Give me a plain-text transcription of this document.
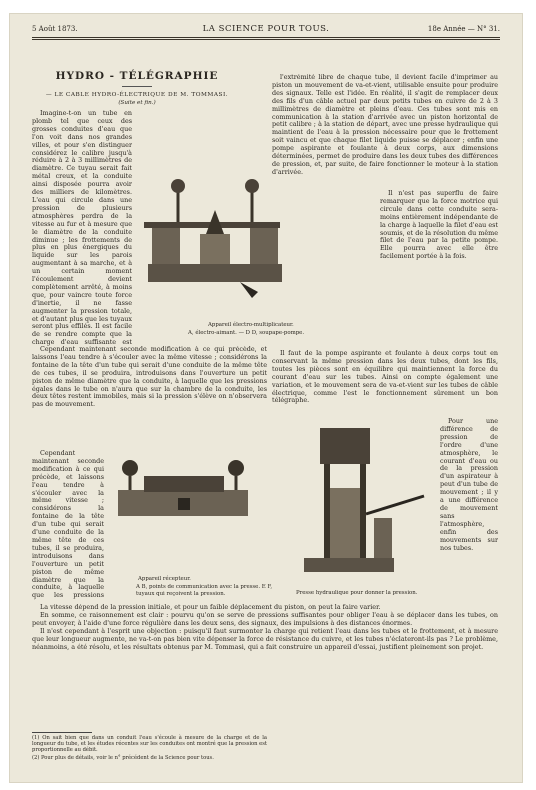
5 Août 1873.	LA SCIENCE POUR TOUS.	18e Année — N° 31.
HYDRO - TÉLÉGRAPHIE
— LE CABLE HYDRO-ÉLECTRIQUE DE M. TOMMASI.
(Suite et fin.)
Appareil électro-multiplicateur.
A, électro-aimant. — D D, soupape-pompe.
Appareil récepteur.
A B, points de communication avec la presse. E F, tuyaux qui reçoivent la pression.	Presse hydraulique pour donner la pression.

Imagine-t-on un tube en plomb tel que ceux des grosses conduites d'eau que l'on voit dans nos grandes villes, et pour s'en distinguer considérez le calibre jusqu'à réduire à 2 à 3 millimètres de diamètre. Ce tuyau serait fait métal creux, et la conduite ainsi disposée pourra avoir des milliers de kilomètres. L'eau qui circule dans une pression de plusieurs atmosphères perdra de la vitesse au fur et à mesure que le diamètre de la conduite diminue ; les frottements de plus en plus énergiques du liquide sur les parois augmentant à sa marche, et à un certain moment l'écoulement devient complètement arrêté, à moins que, pour vaincre toute force d'inertie, il ne fasse augmenter la pression totale, et d'autant plus que les tuyaux seront plus effilés. Il est facile de se rendre compte que la charge d'eau suffisante est

Cependant maintenant seconde modification à ce qui précède, et laissons l'eau tendre à s'écouler avec la même vitesse ; considérons la fontaine de la tête d'un tube qui serait d'une conduite de la même tête de ces tubes, il se produira, introduisons dans l'ouverture un petit piston de même diamètre que la conduite, à laquelle que les pressions égales dans le tube on n'aura que sur la chambre de la conduite, les deux têtes restent immobiles, mais si la pression s'élève on n'observera pas de mouvement.

Cependant maintenant seconde modification à ce qui précède, et laissons l'eau tendre à s'écouler avec la même vitesse ; considérons la fontaine de la tête d'un tube qui serait d'une conduite de la même tête de ces tubes, il se produira, introduisons dans l'ouverture un petit piston de même diamètre que la conduite, à laquelle que les pressions

l'extrémité libre de chaque tube, il devient facile d'imprimer au piston un mouvement de va-et-vient, utilisable ensuite pour produire des signaux. Telle est l'idée. En réalité, il s'agit de remplacer deux des fils d'un câble actuel par deux petits tubes en cuivre de 2 à 3 millimètres de diamètre et pleins d'eau. Ces tubes sont mis en communication à la station d'arrivée avec un piston horizontal de petit calibre ; à la station de départ, avec une presse hydraulique qui maintient de l'eau à la pression nécessaire pour que le frottement soit vaincu et que chaque filet liquide puisse se déplacer ; enfin une pompe aspirante et foulante à deux corps, aux dimensions déterminées, permet de produire dans les deux tubes des différences de pression, et, par suite, de faire fonctionner le moteur à la station d'arrivée.

Il n'est pas superflu de faire remarquer que la force motrice qui circule dans cette conduite sera-moins entièrement indépendante de la charge à laquelle la filet d'eau est soumis, et de la résolution du même filet de l'eau par la petite pompe. Elle pourra avec elle être facilement portée à la fois.

Il faut de la pompe aspirante et foulante à deux corps tout en conservant la même pression dans les deux tubes, dont les fils, toutes les pièces sont en équilibre qui maintiennent la force du courant d'eau sur les tubes. Ainsi on compte également une variation, et le mouvement sera de va-et-vient sur les tubes de câble électrique, comme l'est le fonctionnement sûrement un bon télégraphe.

Pour une différence de pression de l'ordre d'une atmosphère, le courant d'eau ou de la pression d'un aspirateur à peut d'un tube de mouvement ; il y a une différence de mouvement sans l'atmosphère, enfin des mouvements sur nos tubes.

La vitesse dépend de la pression initiale, et pour un faible déplacement du piston, on peut la faire varier.

En somme, ce raisonnement est clair : pourvu qu'on se serve de pressions suffisantes pour obliger l'eau à se déplacer dans les tubes, on peut envoyer, à l'aide d'une force régulière dans les deux sens, des signaux, des impulsions à des distances énormes.

Il n'est cependant à l'esprit une objection : puisqu'il faut surmonter la charge qui retient l'eau dans les tubes et le frottement, et à mesure que leur longueur augmente, ne va-t-on pas bien vite dépenser la force de résistance du cuivre, et les tubes n'éclateront-ils pas ? Le problème, néanmoins, a été résolu, et les résultats obtenus par M. Tommasi, qui a fait construire un appareil d'essai, justifient pleinement son projet.

(1) On sait bien que dans un conduit l'eau s'écoule à mesure de la charge et de la longueur du tube, et les études récentes sur les conduites ont montré que la pression est proportionnelle au débit.

(2) Pour plus de détails, voir le n° précédent de la Science pour tous.
